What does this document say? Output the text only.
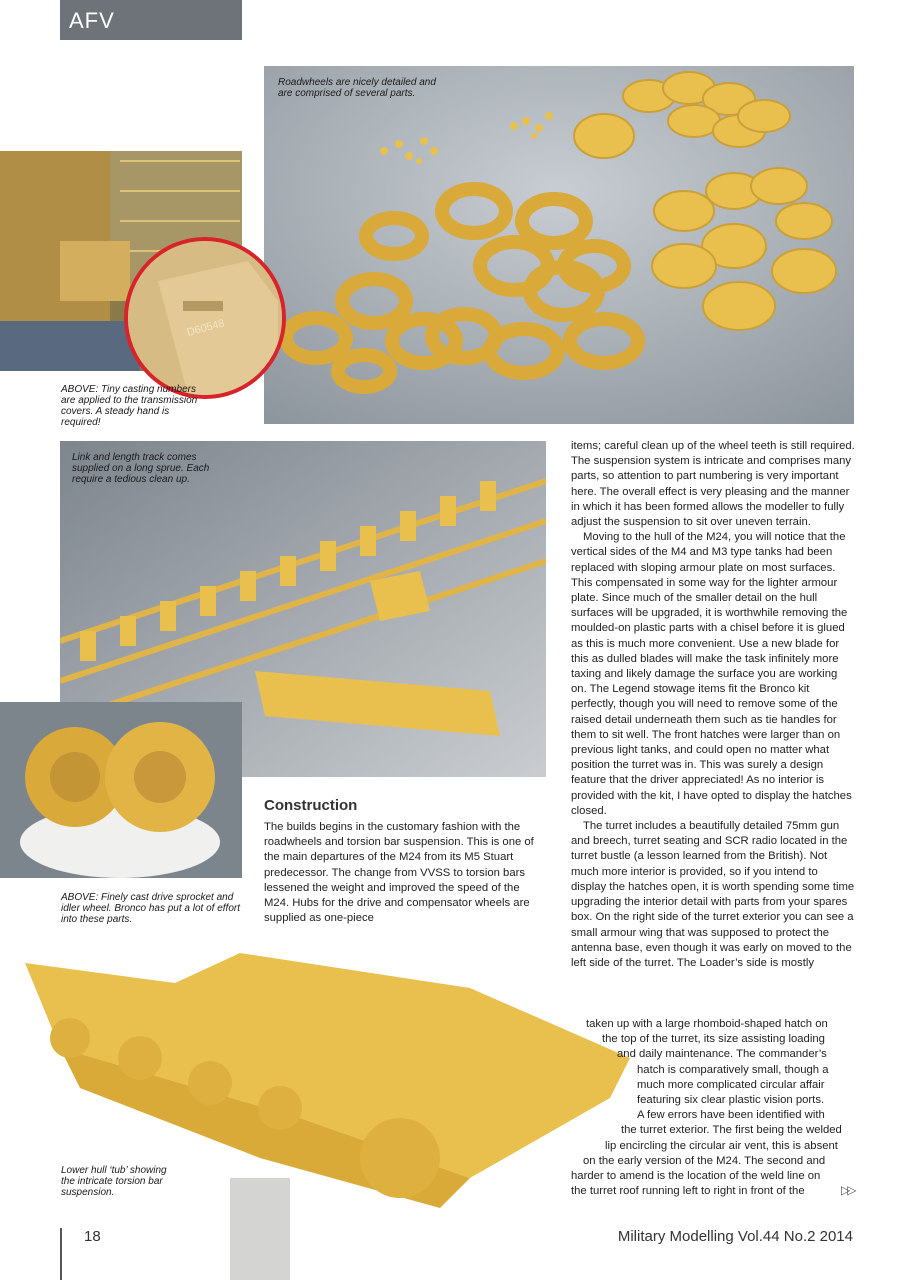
AFV
Roadwheels are nicely detailed and are comprised of several parts.
D60548
ABOVE: Tiny casting numbers are applied to the transmission covers. A steady hand is required!
Link and length track comes supplied on a long sprue. Each require a tedious clean up.
ABOVE: Finely cast drive sprocket and idler wheel. Bronco has put a lot of effort into these parts.
Lower hull ‘tub’ showing the intricate torsion bar suspension.
Construction

The builds begins in the customary fashion with the roadwheels and torsion bar suspension. This is one of the main departures of the M24 from its M5 Stuart predecessor. The change from VVSS to torsion bars lessened the weight and improved the speed of the M24. Hubs for the drive and compensator wheels are supplied as one-piece

items; careful clean up of the wheel teeth is still required. The suspension system is intricate and comprises many parts, so attention to part numbering is very important here. The overall effect is very pleasing and the manner in which it has been formed allows the modeller to fully adjust the suspension to sit over uneven terrain.

Moving to the hull of the M24, you will notice that the vertical sides of the M4 and M3 type tanks had been replaced with sloping armour plate on most surfaces. This compensated in some way for the lighter armour plate. Since much of the smaller detail on the hull surfaces will be upgraded, it is worthwhile removing the moulded-on plastic parts with a chisel before it is glued as this is much more convenient. Use a new blade for this as dulled blades will make the task infinitely more taxing and likely damage the surface you are working on. The Legend stowage items fit the Bronco kit perfectly, though you will need to remove some of the raised detail underneath them such as tie handles for them to sit well. The front hatches were larger than on previous light tanks, and could open no matter what position the turret was in. This was surely a design feature that the driver appreciated! As no interior is provided with the kit, I have opted to display the hatches closed.

The turret includes a beautifully detailed 75mm gun and breech, turret seating and SCR radio located in the turret bustle (a lesson learned from the British). Not much more interior is provided, so if you intend to display the hatches open, it is worth spending some time upgrading the interior detail with parts from your spares box. On the right side of the turret exterior you can see a small armour wing that was supposed to protect the antenna base, even though it was early on moved to the left side of the turret. The Loader’s side is mostly

taken up with a large rhomboid-shaped hatch on
the top of the turret, its size assisting loading
and daily maintenance. The commander’s
hatch is comparatively small, though a
much more complicated circular affair
featuring six clear plastic vision ports.
A few errors have been identified with
the turret exterior. The first being the welded
lip encircling the circular air vent, this is absent
on the early version of the M24. The second and
harder to amend is the location of the weld line on
the turret roof running left to right in front of the	▷▷
18	Military Modelling Vol.44 No.2 2014
